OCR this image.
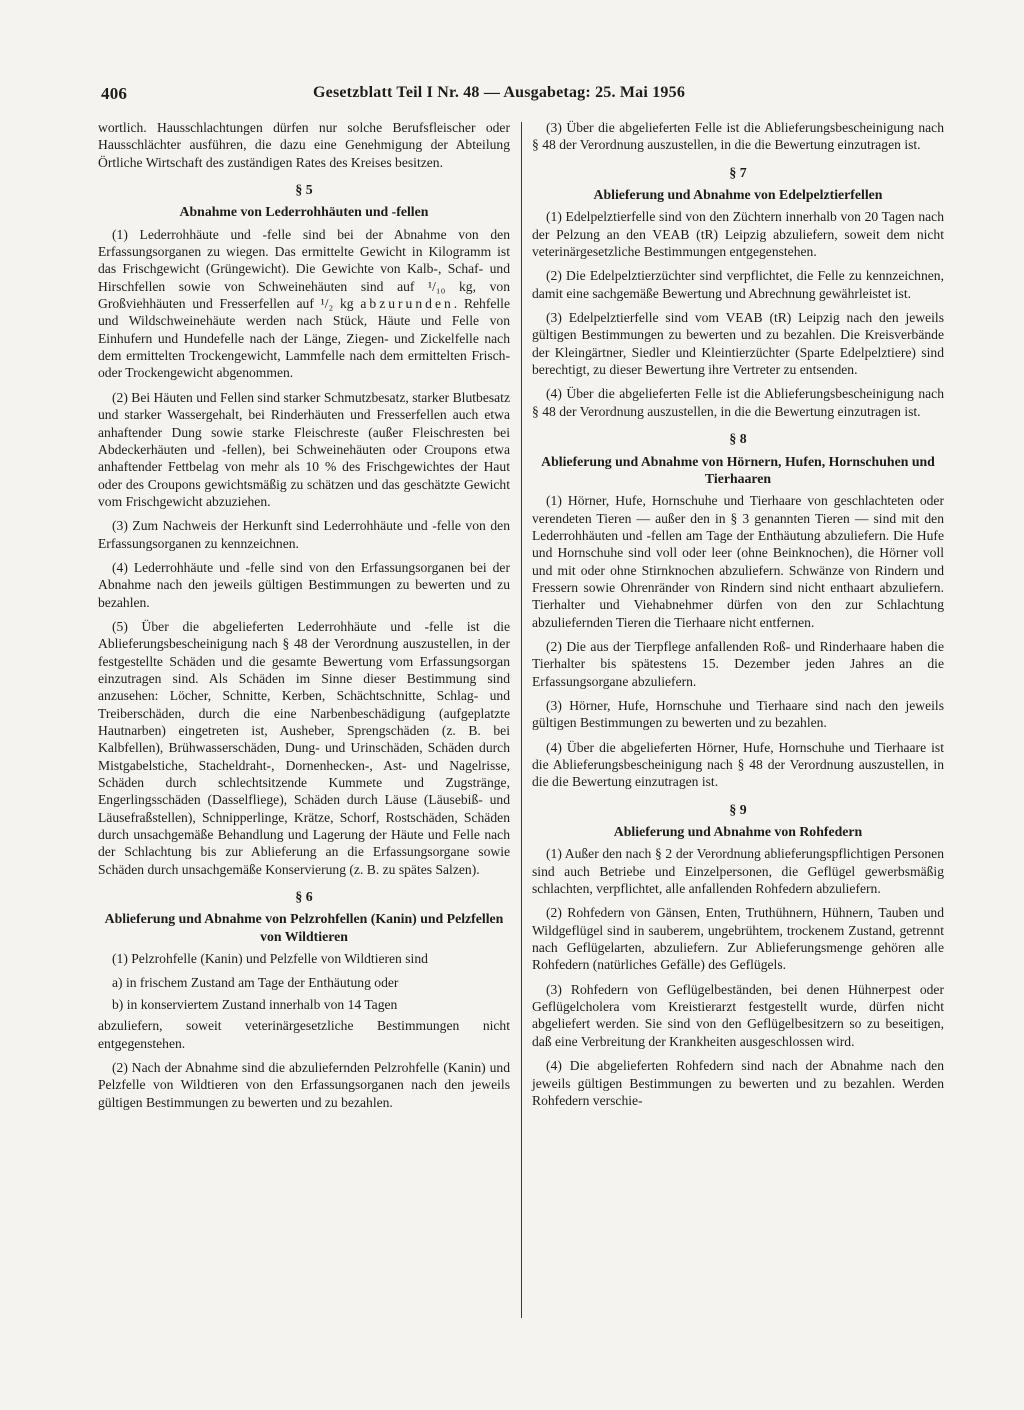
406	Gesetzblatt Teil I Nr. 48 — Ausgabetag: 25. Mai 1956

wortlich. Hausschlachtungen dürfen nur solche Berufsfleischer oder Hausschlächter ausführen, die dazu eine Genehmigung der Abteilung Örtliche Wirtschaft des zuständigen Rates des Kreises besitzen.

§ 5
Abnahme von Lederrohhäuten und -fellen

(1) Lederrohhäute und -felle sind bei der Abnahme von den Erfassungsorganen zu wiegen. Das ermittelte Gewicht in Kilogramm ist das Frischgewicht (Grüngewicht). Die Gewichte von Kalb-, Schaf- und Hirschfellen sowie von Schweinehäuten sind auf ¹/₁₀ kg, von Großviehhäuten und Fresserfellen auf ¹/₂ kg abzurunden. Rehfelle und Wildschweinehäute werden nach Stück, Häute und Felle von Einhufern und Hundefelle nach der Länge, Ziegen- und Zickelfelle nach dem ermittelten Trockengewicht, Lammfelle nach dem ermittelten Frisch- oder Trockengewicht abgenommen.

(2) Bei Häuten und Fellen sind starker Schmutzbesatz, starker Blutbesatz und starker Wassergehalt, bei Rinderhäuten und Fresserfellen auch etwa anhaftender Dung sowie starke Fleischreste (außer Fleischresten bei Abdeckerhäuten und -fellen), bei Schweinehäuten oder Croupons etwa anhaftender Fettbelag von mehr als 10 % des Frischgewichtes der Haut oder des Croupons gewichtsmäßig zu schätzen und das geschätzte Gewicht vom Frischgewicht abzuziehen.

(3) Zum Nachweis der Herkunft sind Lederrohhäute und -felle von den Erfassungsorganen zu kennzeichnen.

(4) Lederrohhäute und -felle sind von den Erfassungsorganen bei der Abnahme nach den jeweils gültigen Bestimmungen zu bewerten und zu bezahlen.

(5) Über die abgelieferten Lederrohhäute und -felle ist die Ablieferungsbescheinigung nach § 48 der Verordnung auszustellen, in der festgestellte Schäden und die gesamte Bewertung vom Erfassungsorgan einzutragen sind. Als Schäden im Sinne dieser Bestimmung sind anzusehen: Löcher, Schnitte, Kerben, Schächtschnitte, Schlag- und Treiberschäden, durch die eine Narbenbeschädigung (aufgeplatzte Hautnarben) eingetreten ist, Ausheber, Sprengschäden (z. B. bei Kalbfellen), Brühwasserschäden, Dung- und Urinschäden, Schäden durch Mistgabelstiche, Stacheldraht-, Dornenhecken-, Ast- und Nagelrisse, Schäden durch schlechtsitzende Kummete und Zugstränge, Engerlingsschäden (Dasselfliege), Schäden durch Läuse (Läusebiß- und Läusefraßstellen), Schnipperlinge, Krätze, Schorf, Rostschäden, Schäden durch unsachgemäße Behandlung und Lagerung der Häute und Felle nach der Schlachtung bis zur Ablieferung an die Erfassungsorgane sowie Schäden durch unsachgemäße Konservierung (z. B. zu spätes Salzen).

§ 6
Ablieferung und Abnahme von Pelzrohfellen (Kanin) und Pelzfellen von Wildtieren

(1) Pelzrohfelle (Kanin) und Pelzfelle von Wildtieren sind

a) in frischem Zustand am Tage der Enthäutung oder

b) in konserviertem Zustand innerhalb von 14 Tagen

abzuliefern, soweit veterinärgesetzliche Bestimmungen nicht entgegenstehen.

(2) Nach der Abnahme sind die abzuliefernden Pelzrohfelle (Kanin) und Pelzfelle von Wildtieren von den Erfassungsorganen nach den jeweils gültigen Bestimmungen zu bewerten und zu bezahlen.

(3) Über die abgelieferten Felle ist die Ablieferungsbescheinigung nach § 48 der Verordnung auszustellen, in die die Bewertung einzutragen ist.

§ 7
Ablieferung und Abnahme von Edelpelztierfellen

(1) Edelpelztierfelle sind von den Züchtern innerhalb von 20 Tagen nach der Pelzung an den VEAB (tR) Leipzig abzuliefern, soweit dem nicht veterinärgesetzliche Bestimmungen entgegenstehen.

(2) Die Edelpelztierzüchter sind verpflichtet, die Felle zu kennzeichnen, damit eine sachgemäße Bewertung und Abrechnung gewährleistet ist.

(3) Edelpelztierfelle sind vom VEAB (tR) Leipzig nach den jeweils gültigen Bestimmungen zu bewerten und zu bezahlen. Die Kreisverbände der Kleingärtner, Siedler und Kleintierzüchter (Sparte Edelpelztiere) sind berechtigt, zu dieser Bewertung ihre Vertreter zu entsenden.

(4) Über die abgelieferten Felle ist die Ablieferungsbescheinigung nach § 48 der Verordnung auszustellen, in die die Bewertung einzutragen ist.

§ 8
Ablieferung und Abnahme von Hörnern, Hufen, Hornschuhen und Tierhaaren

(1) Hörner, Hufe, Hornschuhe und Tierhaare von geschlachteten oder verendeten Tieren — außer den in § 3 genannten Tieren — sind mit den Lederrohhäuten und -fellen am Tage der Enthäutung abzuliefern. Die Hufe und Hornschuhe sind voll oder leer (ohne Beinknochen), die Hörner voll und mit oder ohne Stirnknochen abzuliefern. Schwänze von Rindern und Fressern sowie Ohrenränder von Rindern sind nicht enthaart abzuliefern. Tierhalter und Viehabnehmer dürfen von den zur Schlachtung abzuliefernden Tieren die Tierhaare nicht entfernen.

(2) Die aus der Tierpflege anfallenden Roß- und Rinderhaare haben die Tierhalter bis spätestens 15. Dezember jeden Jahres an die Erfassungsorgane abzuliefern.

(3) Hörner, Hufe, Hornschuhe und Tierhaare sind nach den jeweils gültigen Bestimmungen zu bewerten und zu bezahlen.

(4) Über die abgelieferten Hörner, Hufe, Hornschuhe und Tierhaare ist die Ablieferungsbescheinigung nach § 48 der Verordnung auszustellen, in die die Bewertung einzutragen ist.

§ 9
Ablieferung und Abnahme von Rohfedern

(1) Außer den nach § 2 der Verordnung ablieferungspflichtigen Personen sind auch Betriebe und Einzelpersonen, die Geflügel gewerbsmäßig schlachten, verpflichtet, alle anfallenden Rohfedern abzuliefern.

(2) Rohfedern von Gänsen, Enten, Truthühnern, Hühnern, Tauben und Wildgeflügel sind in sauberem, ungebrühtem, trockenem Zustand, getrennt nach Geflügelarten, abzuliefern. Zur Ablieferungsmenge gehören alle Rohfedern (natürliches Gefälle) des Geflügels.

(3) Rohfedern von Geflügelbeständen, bei denen Hühnerpest oder Geflügelcholera vom Kreistierarzt festgestellt wurde, dürfen nicht abgeliefert werden. Sie sind von den Geflügelbesitzern so zu beseitigen, daß eine Verbreitung der Krankheiten ausgeschlossen wird.

(4) Die abgelieferten Rohfedern sind nach der Abnahme nach den jeweils gültigen Bestimmungen zu bewerten und zu bezahlen. Werden Rohfedern verschie-
